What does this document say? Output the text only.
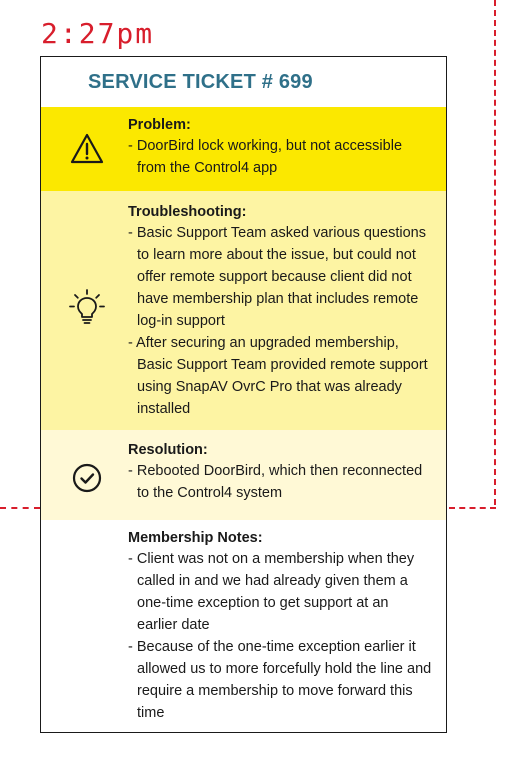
2:27pm
SERVICE TICKET # 699
Problem:
- DoorBird lock working, but not accessible from the Control4 app
Troubleshooting:
- Basic Support Team asked various questions to learn more about the issue, but could not offer remote support because client did not have membership plan that includes remote log-in support
- After securing an upgraded membership, Basic Support Team provided remote support using SnapAV OvrC Pro that was already installed
Resolution:
- Rebooted DoorBird, which then reconnected to the Control4 system
Membership Notes:
- Client was not on a membership when they called in and we had already given them a one-time exception to get support at an earlier date
- Because of the one-time exception earlier it allowed us to more forcefully hold the line and require a membership to move forward this time
